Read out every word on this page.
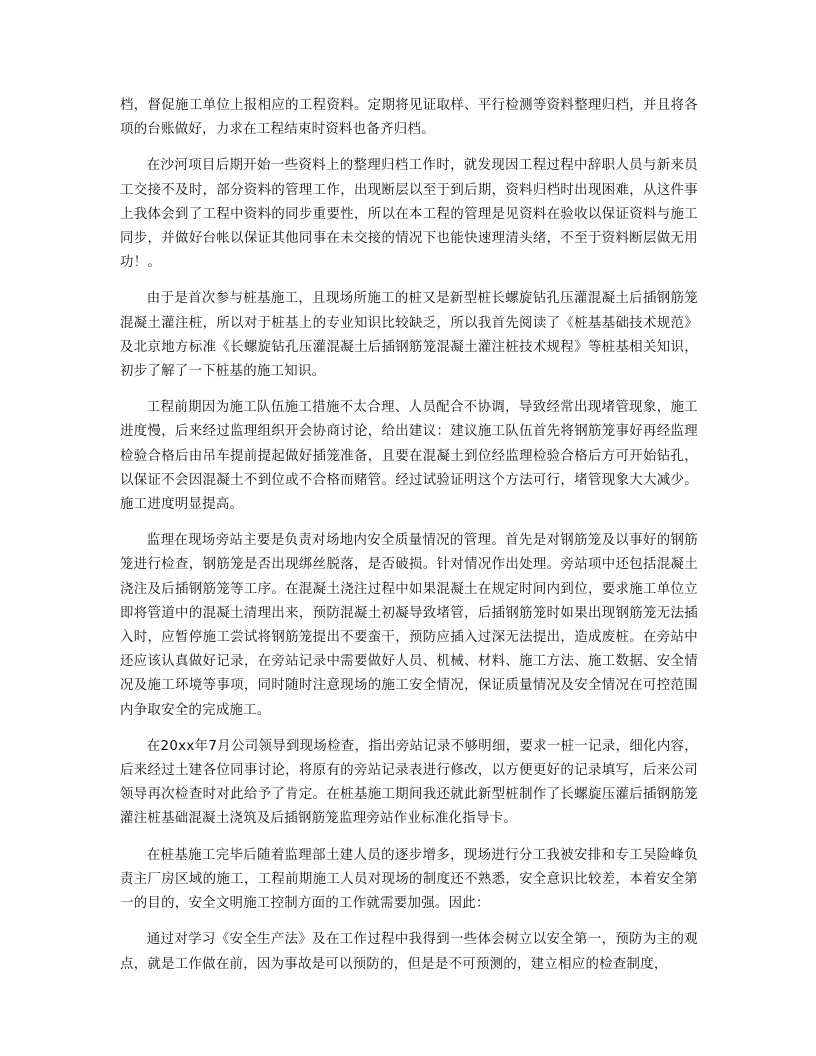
档，督促施工单位上报相应的工程资料。定期将见证取样、平行检测等资料整理归档，并且将各项的台账做好，力求在工程结束时资料也备齐归档。

在沙河项目后期开始一些资料上的整理归档工作时，就发现因工程过程中辞职人员与新来员工交接不及时，部分资料的管理工作，出现断层以至于到后期，资料归档时出现困难，从这件事上我体会到了工程中资料的同步重要性，所以在本工程的管理是见资料在验收以保证资料与施工同步，并做好台帐以保证其他同事在未交接的情况下也能快速理清头绪，不至于资料断层做无用功！。

由于是首次参与桩基施工，且现场所施工的桩又是新型桩长螺旋钻孔压灌混凝土后插钢筋笼混凝土灌注桩，所以对于桩基上的专业知识比较缺乏，所以我首先阅读了《桩基基础技术规范》及北京地方标准《长螺旋钻孔压灌混凝土后插钢筋笼混凝土灌注桩技术规程》等桩基相关知识，初步了解了一下桩基的施工知识。

工程前期因为施工队伍施工措施不太合理、人员配合不协调，导致经常出现堵管现象，施工进度慢，后来经过监理组织开会协商讨论，给出建议：建议施工队伍首先将钢筋笼事好再经监理检验合格后由吊车提前提起做好插笼准备，且要在混凝土到位经监理检验合格后方可开始钻孔，以保证不会因混凝土不到位或不合格而赌管。经过试验证明这个方法可行，堵管现象大大减少。施工进度明显提高。

监理在现场旁站主要是负责对场地内安全质量情况的管理。首先是对钢筋笼及以事好的钢筋笼进行检查，钢筋笼是否出现绑丝脱落，是否破损。针对情况作出处理。旁站项中还包括混凝土浇注及后插钢筋笼等工序。在混凝土浇注过程中如果混凝土在规定时间内到位，要求施工单位立即将管道中的混凝土清理出来，预防混凝土初凝导致堵管，后插钢筋笼时如果出现钢筋笼无法插入时，应暂停施工尝试将钢筋笼提出不要蛮干，预防应插入过深无法提出，造成废桩。在旁站中还应该认真做好记录，在旁站记录中需要做好人员、机械、材料、施工方法、施工数据、安全情况及施工环境等事项，同时随时注意现场的施工安全情况，保证质量情况及安全情况在可控范围内争取安全的完成施工。

在20xx年7月公司领导到现场检查，指出旁站记录不够明细，要求一桩一记录，细化内容，后来经过土建各位同事讨论，将原有的旁站记录表进行修改，以方便更好的记录填写，后来公司领导再次检查时对此给予了肯定。在桩基施工期间我还就此新型桩制作了长螺旋压灌后插钢筋笼灌注桩基础混凝土浇筑及后插钢筋笼监理旁站作业标准化指导卡。

在桩基施工完毕后随着监理部土建人员的逐步增多，现场进行分工我被安排和专工吴险峰负责主厂房区域的施工，工程前期施工人员对现场的制度还不熟悉，安全意识比较差，本着安全第一的目的，安全文明施工控制方面的工作就需要加强。因此：

通过对学习《安全生产法》及在工作过程中我得到一些体会树立以安全第一，预防为主的观点，就是工作做在前，因为事故是可以预防的，但是是不可预测的，建立相应的检查制度，
